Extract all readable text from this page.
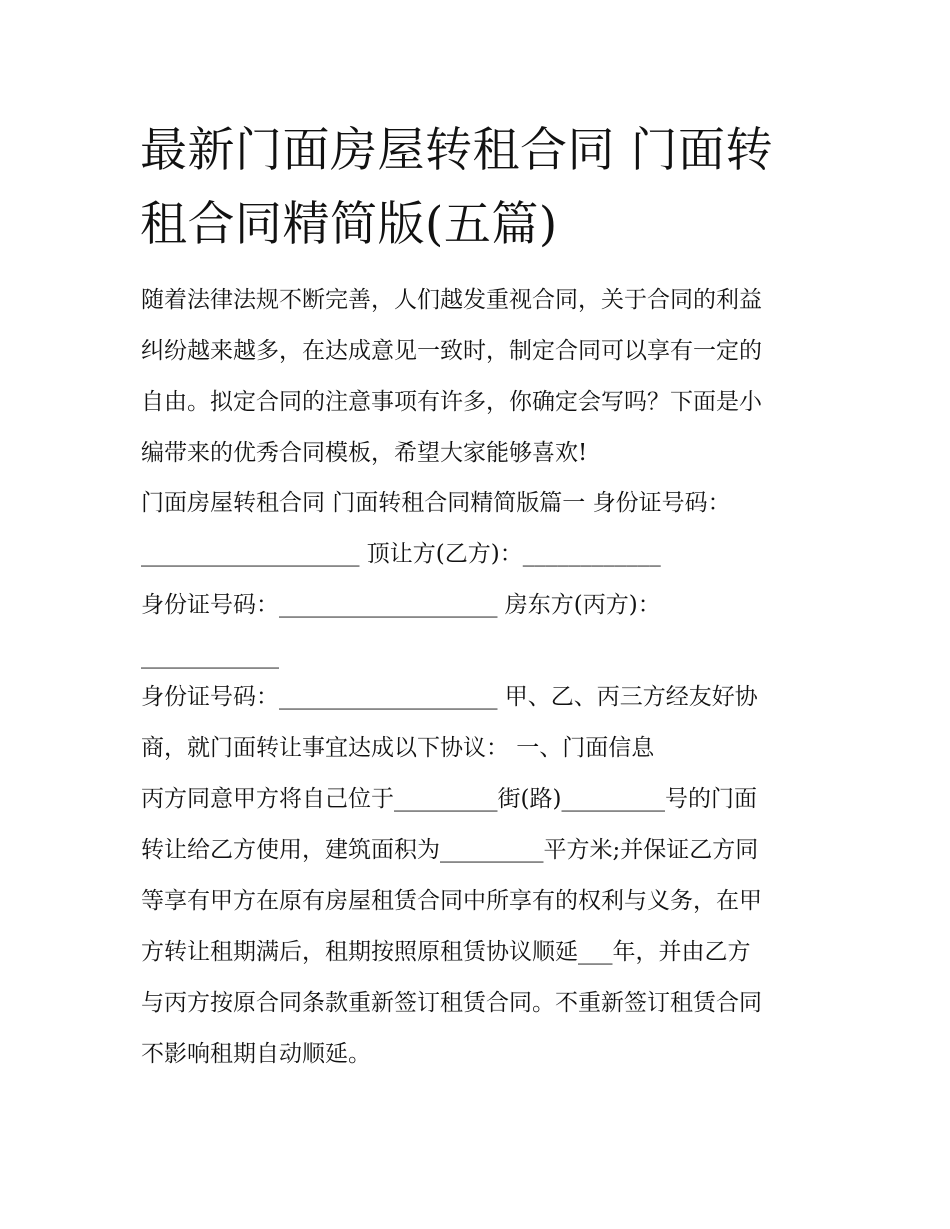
最新门面房屋转租合同 门面转
租合同精简版(五篇)

随着法律法规不断完善，人们越发重视合同，关于合同的利益
纠纷越来越多，在达成意见一致时，制定合同可以享有一定的
自由。拟定合同的注意事项有许多，你确定会写吗？下面是小
编带来的优秀合同模板，希望大家能够喜欢!

门面房屋转租合同 门面转租合同精简版篇一 身份证号码：
___________________ 顶让方(乙方)：____________
身份证号码：___________________ 房东方(丙方)：
____________

身份证号码：___________________ 甲、乙、丙三方经友好协
商，就门面转让事宜达成以下协议： 一、门面信息
丙方同意甲方将自己位于_________街(路)_________号的门面
转让给乙方使用，建筑面积为_________平方米;并保证乙方同
等享有甲方在原有房屋租赁合同中所享有的权利与义务，在甲
方转让租期满后，租期按照原租赁协议顺延___年，并由乙方
与丙方按原合同条款重新签订租赁合同。不重新签订租赁合同
不影响租期自动顺延。
